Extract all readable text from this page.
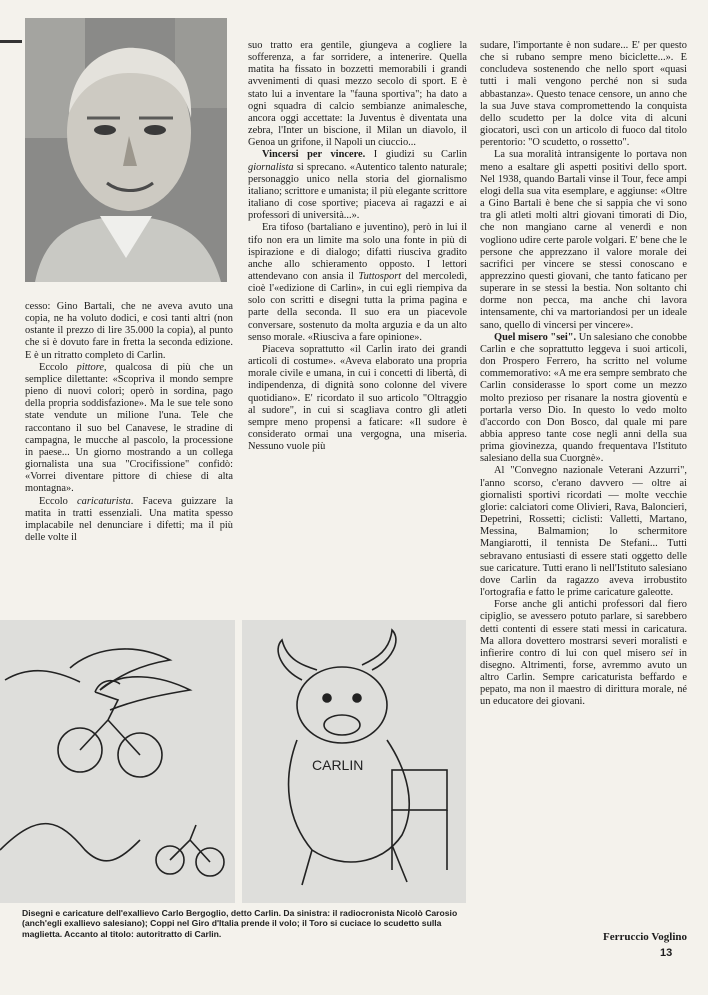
cesso: Gino Bartali, che ne aveva avuto una copia, ne ha voluto dodici, e così tanti altri (non ostante il prezzo di lire 35.000 la copia), al punto che si è dovuto fare in fretta la seconda edizione. E è un ritratto completo di Carlin.

Eccolo pittore, qualcosa di più che un semplice dilettante: «Scopriva il mondo sempre pieno di nuovi colori; operò in sordina, pago della propria soddisfazione». Ma le sue tele sono state vendute un milione l'una. Tele che raccontano il suo bel Canavese, le stradine di campagna, le mucche al pascolo, la processione in paese... Un giorno mostrando a un collega giornalista una sua "Crocifissione" confidò: «Vorrei diventare pittore di chiese di alta montagna».

Eccolo caricaturista. Faceva guizzare la matita in tratti essenziali. Una matita spesso implacabile nel denunciare i difetti; ma il più delle volte il

suo tratto era gentile, giungeva a cogliere la sofferenza, a far sorridere, a intenerire. Quella matita ha fissato in bozzetti memorabili i grandi avvenimenti di quasi mezzo secolo di sport. E è stato lui a inventare la "fauna sportiva"; ha dato a ogni squadra di calcio sembianze animalesche, ancora oggi accettate: la Juventus è diventata una zebra, l'Inter un biscione, il Milan un diavolo, il Genoa un grifone, il Napoli un ciuccio...

Vincersi per vincere. I giudizi su Carlin giornalista si sprecano. «Autentico talento naturale; personaggio unico nella storia del giornalismo italiano; scrittore e umanista; il più elegante scrittore italiano di cose sportive; piaceva ai ragazzi e ai professori di università...».

Era tifoso (bartaliano e juventino), però in lui il tifo non era un limite ma solo una fonte in più di ispirazione e di dialogo; difatti riusciva gradito anche allo schieramento opposto. I lettori attendevano con ansia il Tuttosport del mercoledì, cioè l'«edizione di Carlin», in cui egli riempiva da solo con scritti e disegni tutta la prima pagina e parte della seconda. Il suo era un piacevole conversare, sostenuto da molta arguzia e da un alto senso morale. «Riusciva a fare opinione».

Piaceva soprattutto «il Carlin irato dei grandi articoli di costume». «Aveva elaborato una propria morale civile e umana, in cui i concetti di libertà, di indipendenza, di dignità sono colonne del vivere quotidiano». E' ricordato il suo articolo "Oltraggio al sudore", in cui si scagliava contro gli atleti sempre meno propensi a faticare: «Il sudore è considerato ormai una vergogna, una miseria. Nessuno vuole più

sudare, l'importante è non sudare... E' per questo che si rubano sempre meno biciclette...». E concludeva sostenendo che nello sport «quasi tutti i mali vengono perché non si suda abbastanza». Questo tenace censore, un anno che la sua Juve stava compromettendo la conquista dello scudetto per la dolce vita di alcuni giocatori, uscì con un articolo di fuoco dal titolo perentorio: "O scudetto, o rossetto".

La sua moralità intransigente lo portava non meno a esaltare gli aspetti positivi dello sport. Nel 1938, quando Bartali vinse il Tour, fece ampi elogi della sua vita esemplare, e aggiunse: «Oltre a Gino Bartali è bene che si sappia che vi sono tra gli atleti molti altri giovani timorati di Dio, che non mangiano carne al venerdì e non vogliono udire certe parole volgari. E' bene che le persone che apprezzano il valore morale dei sacrifici per vincere se stessi conoscano e apprezzino questi giovani, che tanto faticano per superare in se stessi la bestia. Non soltanto chi dorme non pecca, ma anche chi lavora intensamente, chi va martoriandosi per un ideale sano, quello di vincersi per vincere».

Quel misero "sei". Un salesiano che conobbe Carlin e che soprattutto leggeva i suoi articoli, don Prospero Ferrero, ha scritto nel volume commemorativo: «A me era sempre sembrato che Carlin considerasse lo sport come un mezzo molto prezioso per risanare la nostra gioventù e portarla verso Dio. In questo lo vedo molto d'accordo con Don Bosco, dal quale mi pare abbia appreso tante cose negli anni della sua prima giovinezza, quando frequentava l'Istituto salesiano della sua Cuorgnè».

Al "Convegno nazionale Veterani Azzurri", l'anno scorso, c'erano davvero — oltre ai giornalisti sportivi ricordati — molte vecchie glorie: calciatori come Olivieri, Rava, Baloncieri, Depetrini, Rossetti; ciclisti: Valletti, Martano, Messina, Balmamion; lo schermitore Mangiarotti, il tennista De Stefani... Tutti sebravano entusiasti di essere stati oggetto delle sue caricature. Tutti erano lì nell'Istituto salesiano dove Carlin da ragazzo aveva irrobustito l'ortografia e fatto le prime caricature galeotte.

Forse anche gli antichi professori dal fiero cipiglio, se avessero potuto parlare, si sarebbero detti contenti di essere stati messi in caricatura. Ma allora dovettero mostrarsi severi moralisti e infierire contro di lui con quel misero sei in disegno. Altrimenti, forse, avremmo avuto un altro Carlin. Sempre caricaturista beffardo e pepato, ma non il maestro di dirittura morale, né un educatore dei giovani.

CARLIN
Disegni e caricature dell'exallievo Carlo Bergoglio, detto Carlin. Da sinistra: il radiocronista Nicolò Carosio (anch'egli exallievo salesiano); Coppi nel Giro d'Italia prende il volo; il Toro si cuciace lo scudetto sulla maglietta. Accanto al titolo: autoritratto di Carlin.	Ferruccio Voglino
13
